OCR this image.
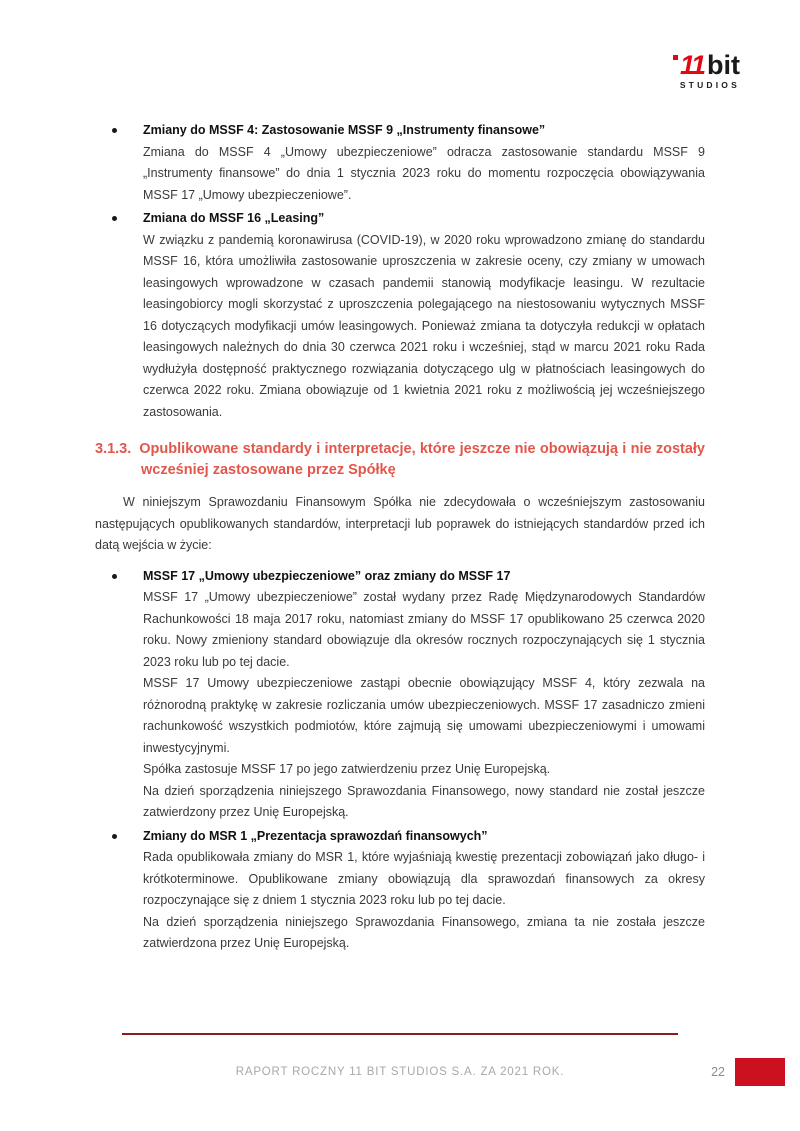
11 bit
STUDIOS

Zmiany do MSSF 4: Zastosowanie MSSF 9 „Instrumenty finansowe”

Zmiana do MSSF 4 „Umowy ubezpieczeniowe” odracza zastosowanie standardu MSSF 9 „Instrumenty finansowe” do dnia 1 stycznia 2023 roku do momentu rozpoczęcia obowiązywania MSSF 17 „Umowy ubezpieczeniowe”.

Zmiana do MSSF 16 „Leasing”

W związku z pandemią koronawirusa (COVID-19), w 2020 roku wprowadzono zmianę do standardu MSSF 16, która umożliwiła zastosowanie uproszczenia w zakresie oceny, czy zmiany w umowach leasingowych wprowadzone w czasach pandemii stanowią modyfikacje leasingu. W rezultacie leasingobiorcy mogli skorzystać z uproszczenia polegającego na niestosowaniu wytycznych MSSF 16 dotyczących modyfikacji umów leasingowych. Ponieważ zmiana ta dotyczyła redukcji w opłatach leasingowych należnych do dnia 30 czerwca 2021 roku i wcześniej, stąd w marcu 2021 roku Rada wydłużyła dostępność praktycznego rozwiązania dotyczącego ulg w płatnościach leasingowych do czerwca 2022 roku. Zmiana obowiązuje od 1 kwietnia 2021 roku z możliwością jej wcześniejszego zastosowania.

3.1.3. Opublikowane standardy i interpretacje, które jeszcze nie obowiązują i nie zostały wcześniej zastosowane przez Spółkę

W niniejszym Sprawozdaniu Finansowym Spółka nie zdecydowała o wcześniejszym zastosowaniu następujących opublikowanych standardów, interpretacji lub poprawek do istniejących standardów przed ich datą wejścia w życie:

MSSF 17 „Umowy ubezpieczeniowe” oraz zmiany do MSSF 17

MSSF 17 „Umowy ubezpieczeniowe” został wydany przez Radę Międzynarodowych Standardów Rachunkowości 18 maja 2017 roku, natomiast zmiany do MSSF 17 opublikowano 25 czerwca 2020 roku. Nowy zmieniony standard obowiązuje dla okresów rocznych rozpoczynających się 1 stycznia 2023 roku lub po tej dacie.

MSSF 17 Umowy ubezpieczeniowe zastąpi obecnie obowiązujący MSSF 4, który zezwala na różnorodną praktykę w zakresie rozliczania umów ubezpieczeniowych. MSSF 17 zasadniczo zmieni rachunkowość wszystkich podmiotów, które zajmują się umowami ubezpieczeniowymi i umowami inwestycyjnymi.

Spółka zastosuje MSSF 17 po jego zatwierdzeniu przez Unię Europejską.

Na dzień sporządzenia niniejszego Sprawozdania Finansowego, nowy standard nie został jeszcze zatwierdzony przez Unię Europejską.

Zmiany do MSR 1 „Prezentacja sprawozdań finansowych”

Rada opublikowała zmiany do MSR 1, które wyjaśniają kwestię prezentacji zobowiązań jako długo- i krótkoterminowe. Opublikowane zmiany obowiązują dla sprawozdań finansowych za okresy rozpoczynające się z dniem 1 stycznia 2023 roku lub po tej dacie.

Na dzień sporządzenia niniejszego Sprawozdania Finansowego, zmiana ta nie została jeszcze zatwierdzona przez Unię Europejską.

RAPORT ROCZNY 11 BIT STUDIOS S.A. ZA 2021 ROK.	22
